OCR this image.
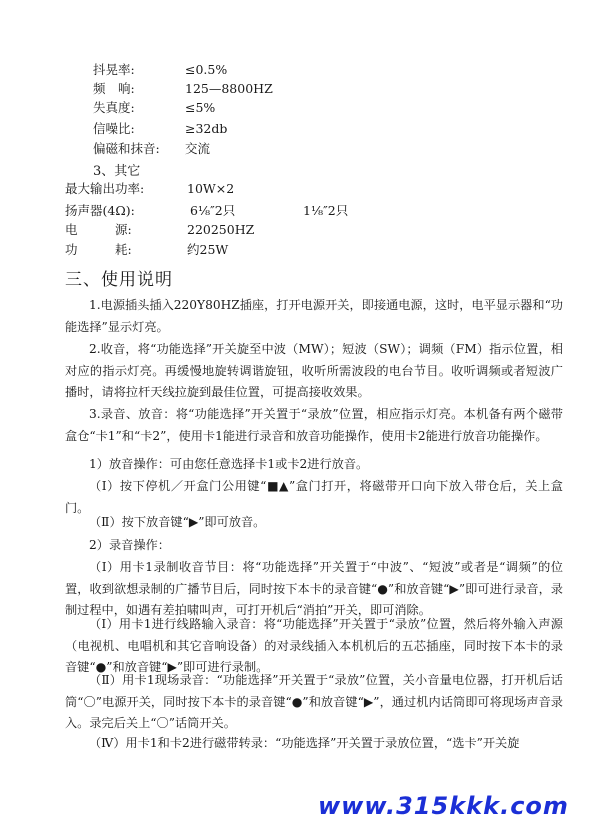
抖晃率:	≤0.5%
频　响:	125—8800HZ
失真度:	≤5%
信噪比:	≥32db
偏磁和抹音: 交流
3、其它
最大输出功率:	10W×2
扬声器(4Ω):	6⅛″2只	1⅛″2只
电　　　源:	220250HZ
功　　　耗:	约25W
三、使用说明
1.电源插头插入220Y80HZ插座，打开电源开关，即接通电源，这时，电平显示器和“功能选择”显示灯亮。
2.收音，将“功能选择”开关旋至中波（MW）；短波（SW）；调频（FM）指示位置，相对应的指示灯亮。再缓慢地旋转调谐旋钮，收听所需波段的电台节目。收听调频或者短波广播时，请将拉杆天线拉旋到最佳位置，可提高接收效果。
3.录音、放音：将“功能选择”开关置于“录放”位置，相应指示灯亮。本机备有两个磁带盒仓“卡1”和“卡2”，使用卡1能进行录音和放音功能操作，使用卡2能进行放音功能操作。
1）放音操作：可由您任意选择卡1或卡2进行放音。
（Ⅰ）按下停机／开盒门公用键“■▲”盒门打开，将磁带开口向下放入带仓后，关上盒门。
（Ⅱ）按下放音键“▶”即可放音。
2）录音操作：
（Ⅰ）用卡1录制收音节目：将“功能选择”开关置于“中波”、“短波”或者是“调频”的位置，收到欲想录制的广播节目后，同时按下本卡的录音键“●”和放音键“▶”即可进行录音，录制过程中，如遇有差拍啸叫声，可打开机后“消拍”开关，即可消除。
（Ⅰ）用卡1进行线路输入录音：将“功能选择”开关置于“录放”位置，然后将外输入声源（电视机、电唱机和其它音响设备）的对录线插入本机机后的五芯插座，同时按下本卡的录音键“●”和放音键“▶”即可进行录制。
（Ⅱ）用卡1现场录音：“功能选择”开关置于“录放”位置，关小音量电位器，打开机后话筒“〇”电源开关，同时按下本卡的录音键“●”和放音键“▶”，通过机内话筒即可将现场声音录入。录完后关上“〇”话筒开关。
（Ⅳ）用卡1和卡2进行磁带转录：“功能选择”开关置于录放位置，“选卡”开关旋
www.315kkk.com
